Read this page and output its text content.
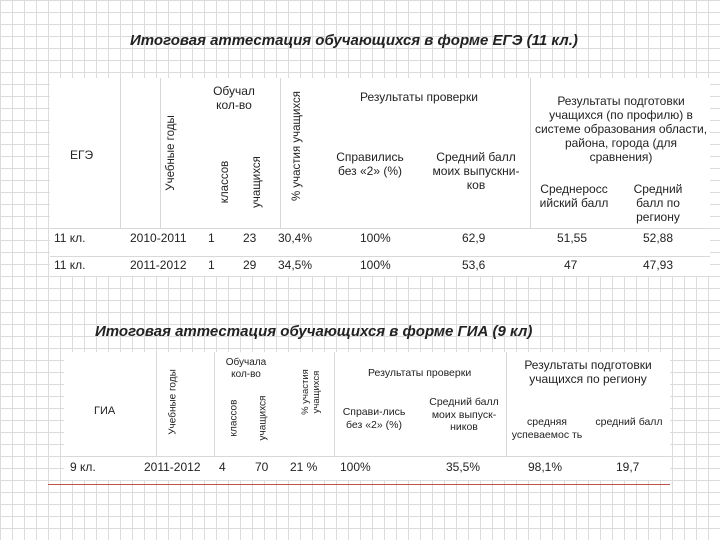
Итоговая аттестация обучающихся в форме ЕГЭ (11 кл.)
ЕГЭ	Учебные годы
Обучал кол-во
классов учащихся % участия учащихся	Результаты проверки
Справились без «2» (%)
Средний балл моих выпускни-ков
Результаты подготовки учащихся (по профилю) в системе образования области, района, города (для сравнения)
Среднеросс ийский балл
Средний балл по региону
11 кл.	2010-2011 1 23 30,4%	100%	62,9	51,55	52,88
11 кл.	2011-2012 1 29 34,5%	100%	53,6	47	47,93
Итоговая аттестация обучающихся в форме ГИА (9 кл)
ГИА	Учебные годы
Обучала кол-во
классов учащихся
% участия учащихся	Результаты проверки
Справи-лись без «2» (%)
Средний балл моих выпуск-ников
Результаты подготовки учащихся по региону
средняя успеваемос ть
средний балл
9 кл.	2011-2012 4 70 21 % 100%	35,5%	98,1%	19,7
